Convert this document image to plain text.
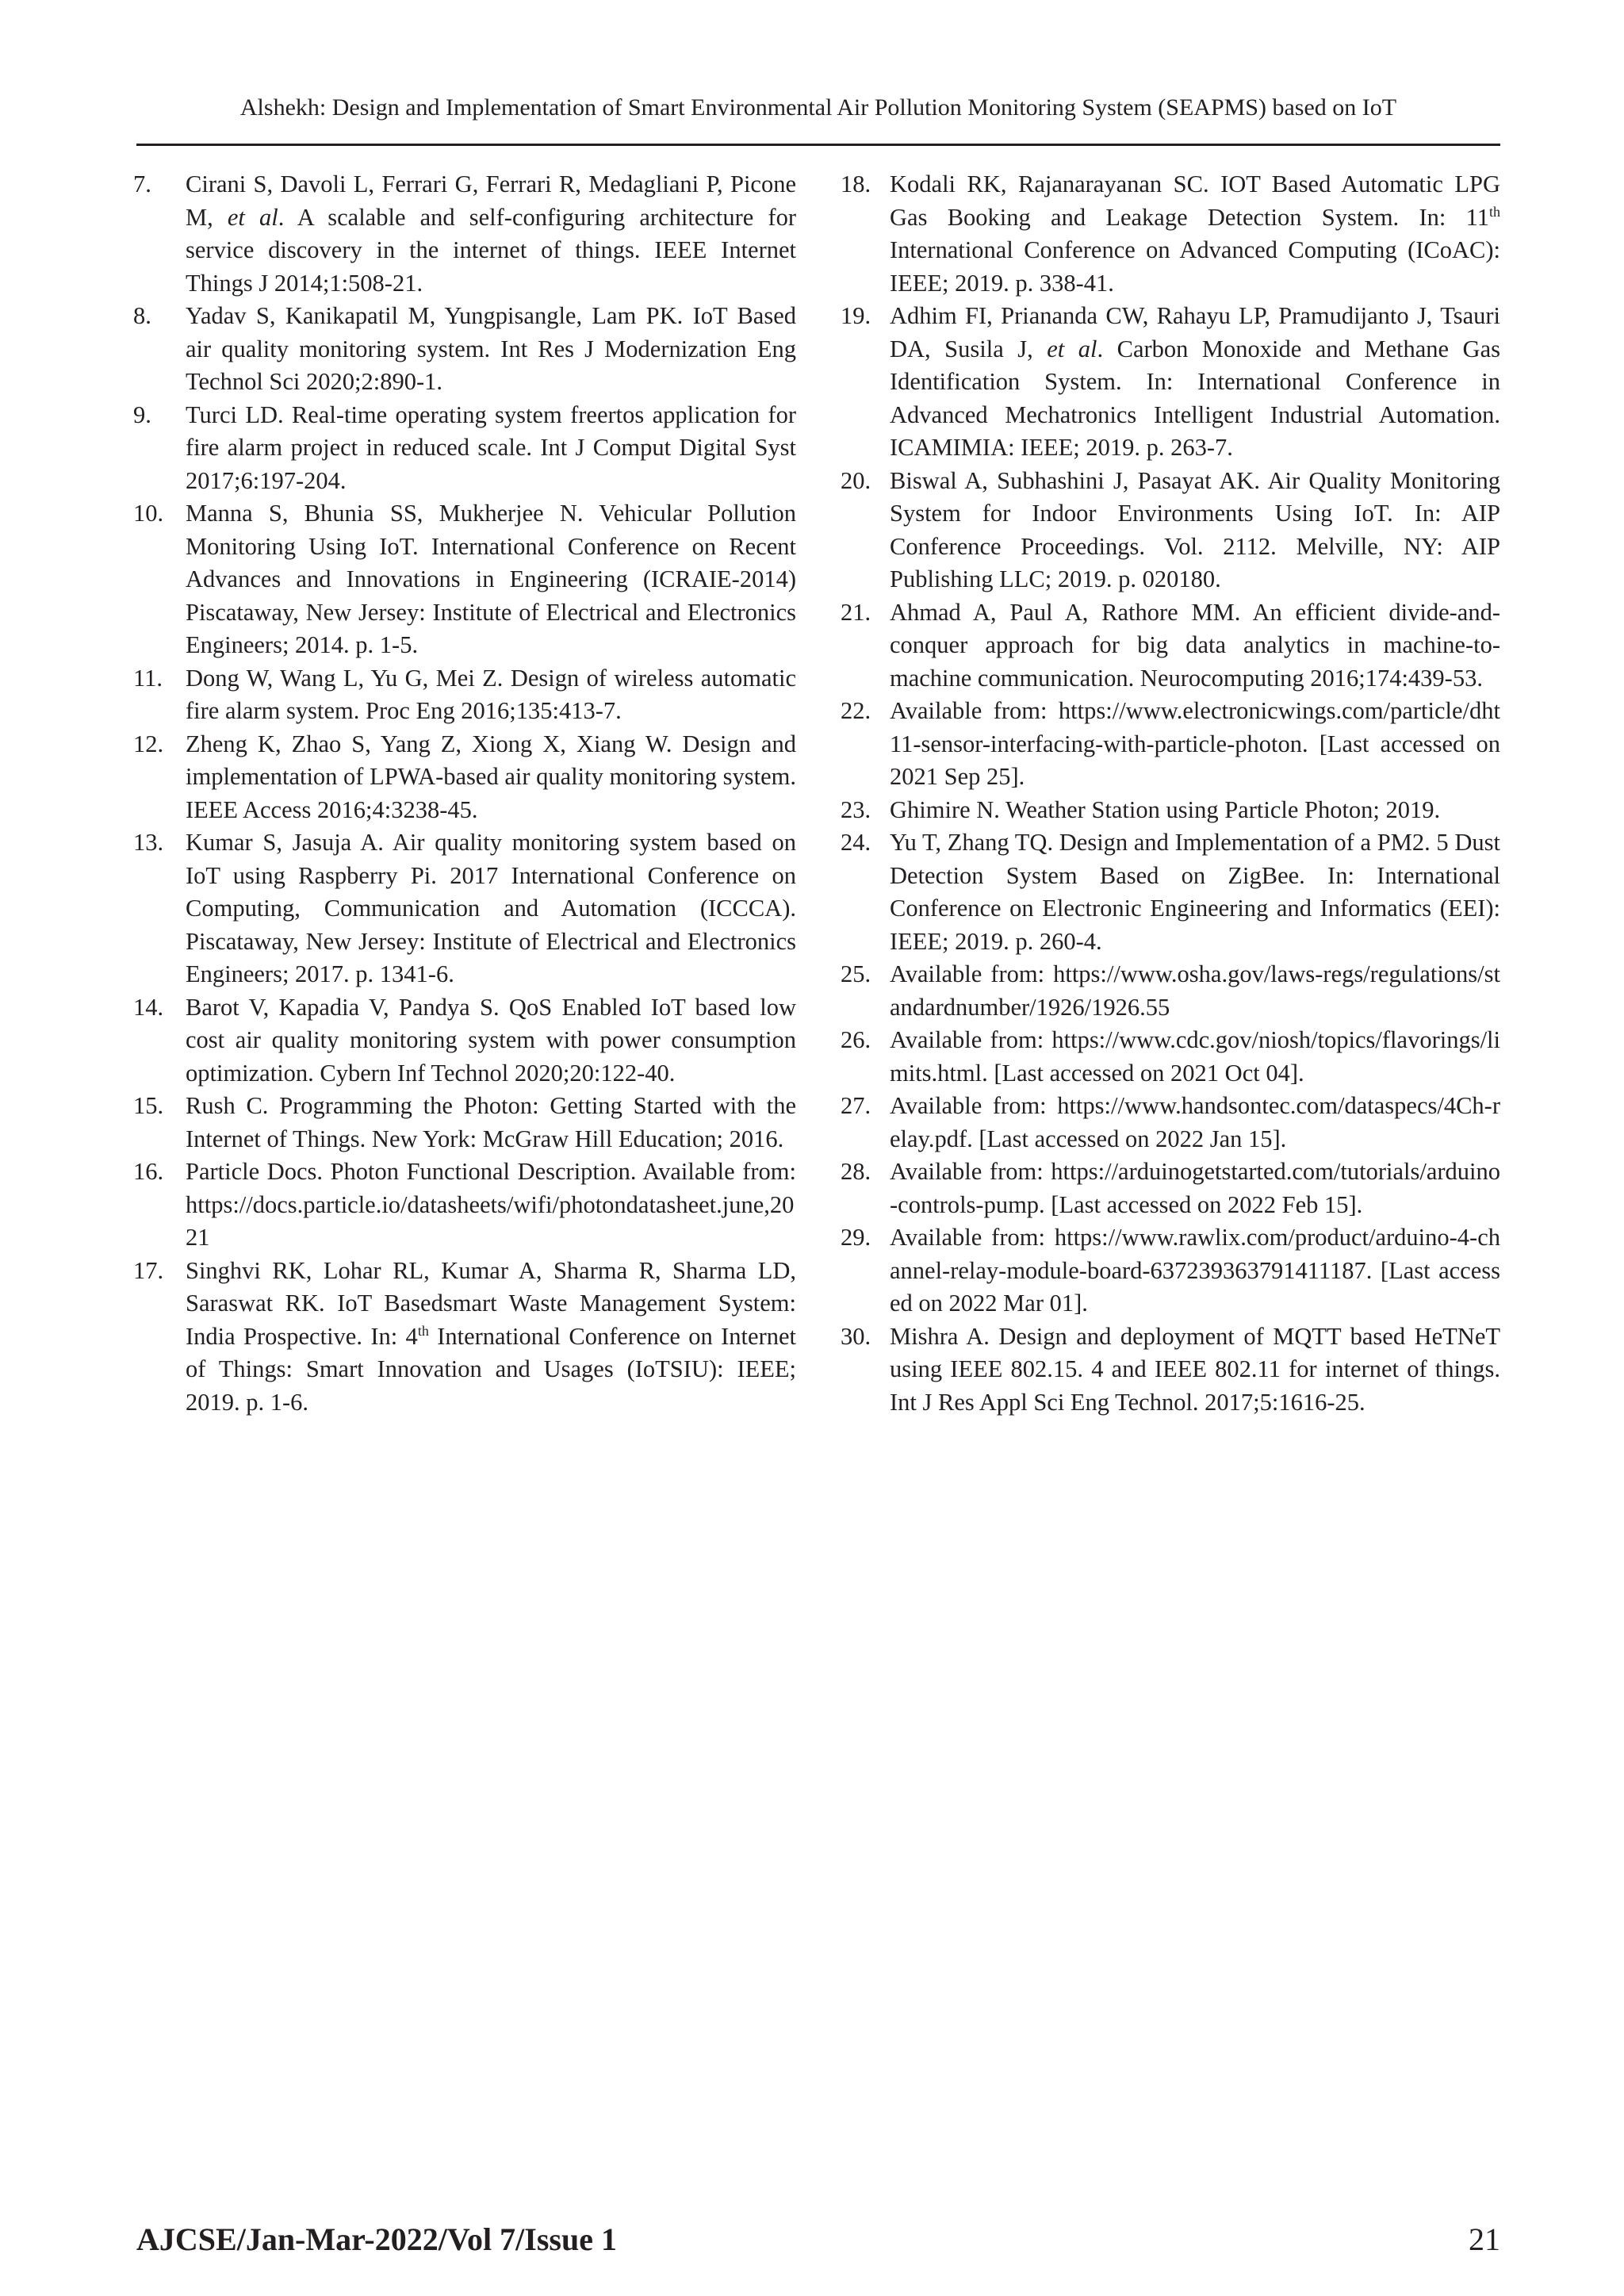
Alshekh: Design and Implementation of Smart Environmental Air Pollution Monitoring System (SEAPMS) based on IoT
7.	Cirani S, Davoli L, Ferrari G, Ferrari R, Medagliani P, Picone M, et al. A scalable and self-configuring architecture for service discovery in the internet of things. IEEE Internet Things J 2014;1:508-21.
8.	Yadav S, Kanikapatil M, Yungpisangle, Lam PK. IoT Based air quality monitoring system. Int Res J Modernization Eng Technol Sci 2020;2:890-1.
9.	Turci LD. Real-time operating system freertos application for fire alarm project in reduced scale. Int J Comput Digital Syst 2017;6:197-204.
10. Manna S, Bhunia SS, Mukherjee N. Vehicular Pollution Monitoring Using IoT. International Conference on Recent Advances and Innovations in Engineering (ICRAIE-2014) Piscataway, New Jersey: Institute of Electrical and Electronics Engineers; 2014. p. 1-5.
11. Dong W, Wang L, Yu G, Mei Z. Design of wireless automatic fire alarm system. Proc Eng 2016;135:413-7.
12. Zheng K, Zhao S, Yang Z, Xiong X, Xiang W. Design and implementation of LPWA-based air quality monitoring system. IEEE Access 2016;4:3238-45.
13. Kumar S, Jasuja A. Air quality monitoring system based on IoT using Raspberry Pi. 2017 International Conference on Computing, Communication and Automation (ICCCA). Piscataway, New Jersey: Institute of Electrical and Electronics Engineers; 2017. p. 1341-6.
14. Barot V, Kapadia V, Pandya S. QoS Enabled IoT based low cost air quality monitoring system with power consumption optimization. Cybern Inf Technol 2020;20:122-40.
15. Rush C. Programming the Photon: Getting Started with the Internet of Things. New York: McGraw Hill Education; 2016.
16. Particle Docs. Photon Functional Description. Available from:https://docs.particle.io/datasheets/wifi/photondatasheet.june,2021
17. Singhvi RK, Lohar RL, Kumar A, Sharma R, Sharma LD, Saraswat RK. IoT Basedsmart Waste Management System: India Prospective. In: 4th International Conference on Internet of Things: Smart Innovation and Usages (IoTSIU): IEEE; 2019. p. 1-6.
18. Kodali RK, Rajanarayanan SC. IOT Based Automatic LPG Gas Booking and Leakage Detection System. In: 11th International Conference on Advanced Computing (ICoAC): IEEE; 2019. p. 338-41.
19. Adhim FI, Priananda CW, Rahayu LP, Pramudijanto J, Tsauri DA, Susila J, et al. Carbon Monoxide and Methane Gas Identification System. In: International Conference in Advanced Mechatronics Intelligent Industrial Automation. ICAMIMIA: IEEE; 2019. p. 263-7.
20. Biswal A, Subhashini J, Pasayat AK. Air Quality Monitoring System for Indoor Environments Using IoT. In: AIP Conference Proceedings. Vol. 2112. Melville, NY: AIP Publishing LLC; 2019. p. 020180.
21. Ahmad A, Paul A, Rathore MM. An efficient divide-and-conquer approach for big data analytics in machine-to-machine communication. Neurocomputing 2016;174:439-53.
22. Available from: https://www.electronicwings.com/particle/dht11-sensor-interfacing-with-particle-photon. [Last accessed on 2021 Sep 25].
23. Ghimire N. Weather Station using Particle Photon; 2019.
24. Yu T, Zhang TQ. Design and Implementation of a PM2. 5 Dust Detection System Based on ZigBee. In: International Conference on Electronic Engineering and Informatics (EEI): IEEE; 2019. p. 260-4.
25. Available from: https://www.osha.gov/laws-regs/regulations/standardnumber/1926/1926.55
26. Available from: https://www.cdc.gov/niosh/topics/flavorings/limits.html. [Last accessed on 2021 Oct 04].
27. Available from: https://www.handsontec.com/dataspecs/4Ch-relay.pdf. [Last accessed on 2022 Jan 15].
28. Available from: https://arduinogetstarted.com/tutorials/arduino-controls-pump. [Last accessed on 2022 Feb 15].
29. Available from: https://www.rawlix.com/product/arduino-4-channel-relay-module-board-637239363791411187. [Last accessed on 2022 Mar 01].
30. Mishra A. Design and deployment of MQTT based HeTNeT using IEEE 802.15. 4 and IEEE 802.11 for internet of things. Int J Res Appl Sci Eng Technol. 2017;5:1616-25.
AJCSE/Jan-Mar-2022/Vol 7/Issue 1	21
